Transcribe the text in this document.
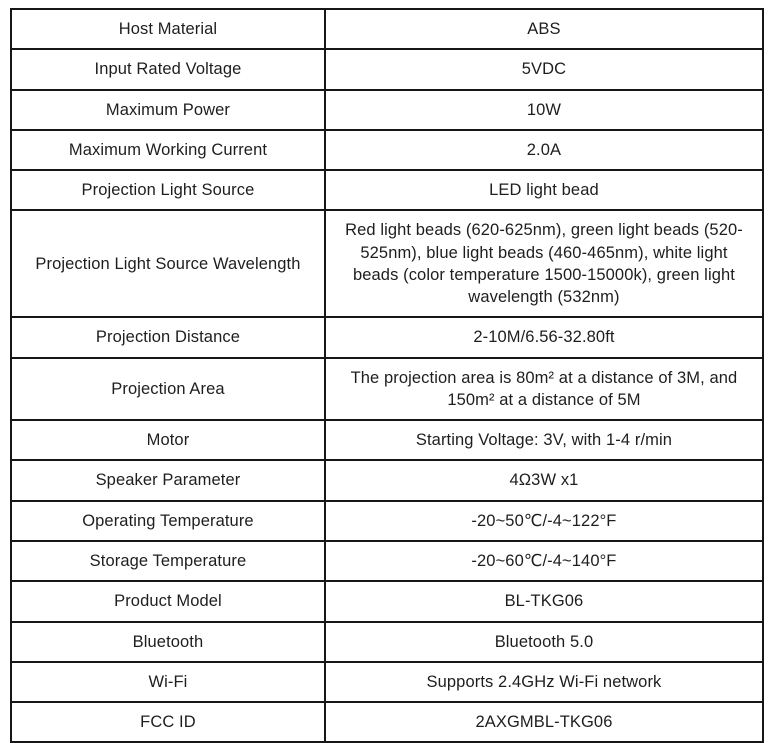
Host Material	ABS
Input Rated Voltage	5VDC
Maximum Power	10W
Maximum Working Current	2.0A
Projection Light Source	LED light bead
Projection Light Source Wavelength	Red light beads (620-625nm), green light beads (520-525nm), blue light beads (460-465nm), white light beads (color temperature 1500-15000k), green light wavelength (532nm)
Projection Distance	2-10M/6.56-32.80ft
Projection Area	The projection area is 80m² at a distance of 3M, and 150m² at a distance of 5M
Motor	Starting Voltage: 3V, with 1-4 r/min
Speaker Parameter	4Ω3W x1
Operating Temperature	-20~50℃/-4~122°F
Storage Temperature	-20~60℃/-4~140°F
Product Model	BL-TKG06
Bluetooth	Bluetooth 5.0
Wi-Fi	Supports 2.4GHz Wi-Fi network
FCC ID	2AXGMBL-TKG06
